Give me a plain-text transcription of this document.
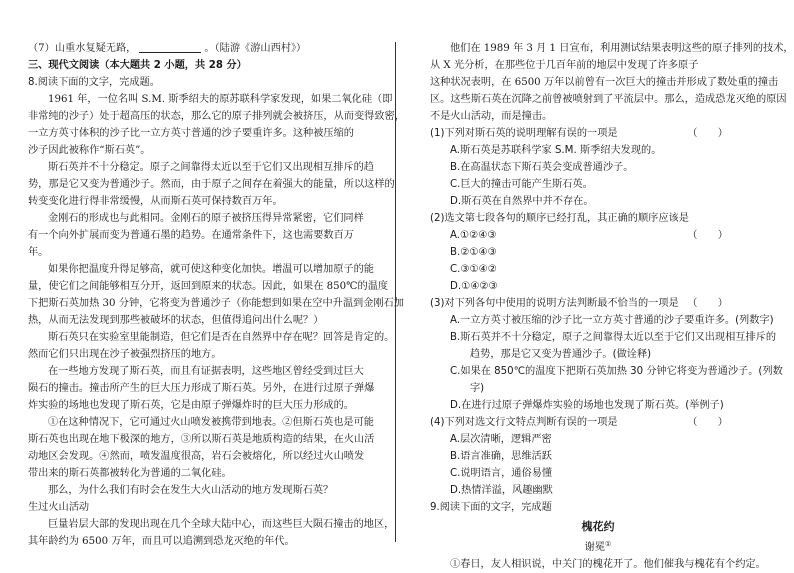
（7）山重水复疑无路，	。（陆游《游山西村》）
三、现代文阅读（本大题共 2 小题，共 28 分）
8.阅读下面的文字，完成题。
1961 年，一位名叫 S.M. 斯季绍夫的原苏联科学家发现，如果二氧化硅（即
非常纯的沙子）处于超高压的状态，那么它的原子排列就会被挤压，从而变得致密，
一立方英寸体积的沙子比一立方英寸普通的沙子要重许多。这种被压缩的
沙子因此被称作“斯石英”。
斯石英并不十分稳定。原子之间靠得太近以至于它们又出现相互排斥的趋
势，那是它又变为普通沙子。然而，由于原子之间存在着强大的能量，所以这样的
转变变化进行得非常缓慢，从而斯石英可保持数百万年。
金刚石的形成也与此相同。金刚石的原子被挤压得异常紧密，它们同样
有一个向外扩展而变为普通石墨的趋势。在通常条件下，这也需要数百万
年。
如果你把温度升得足够高，就可使这种变化加快。增温可以增加原子的能
量，使它们之间能够相互分开，返回到原来的状态。因此，如果在 850℃的温度
下把斯石英加热 30 分钟，它将变为普通沙子（你能想到如果在空中升温到金刚石加
热，从而无法发现到那些被破坏的状态，但值得追问出什么呢？）
斯石英只在实验室里能制造，但它们是否在自然界中存在呢？回答是肯定的。
然而它们只出现在沙子被强烈挤压的地方。
在一些地方发现了斯石英，而且有证据表明，这些地区曾经受到过巨大
陨石的撞击。撞击所产生的巨大压力形成了斯石英。另外，在进行过原子弹爆
炸实验的场地也发现了斯石英，它是由原子弹爆炸时的巨大压力形成的。
①在这种情况下，它可通过火山喷发被携带到地表。②但斯石英也是可能
斯石英也出现在地下极深的地方，③所以斯石英是地质构造的结果，在火山活
动地区会发现。④然而，喷发温度很高，岩石会被熔化，所以经过火山喷发
带出来的斯石英都被转化为普通的二氧化硅。
那么，为什么我们有时会在发生大火山活动的地方发现斯石英？
生过火山活动
巨量岩层大部的发现出现在几个全球大陆中心，而这些巨大陨石撞击的地区，
其年龄约为 6500 万年，而且可以追溯到恐龙灭绝的年代。
他们在 1989 年 3 月 1 日宣布，利用测试结果表明这些的原子排列的技术，
从 X 光分析，在那些位于几百年前的地层中发现了许多原子
这种状况表明，在 6500 万年以前曾有一次巨大的撞击并形成了数处重的撞击
区。这些斯石英在沉降之前曾被喷射到了平流层中。那么，造成恐龙灭绝的原因
不是火山活动，而是撞击。
(1)下列对斯石英的说明理解有误的一项是	（　　）
A.斯石英是苏联科学家 S.M. 斯季绍夫发现的。
B.在高温状态下斯石英会变成普通沙子。
C.巨大的撞击可能产生斯石英。
D.斯石英在自然界中并不存在。
(2)选文第七段各句的顺序已经打乱，其正确的顺序应该是
（　　）
A.①②④③
B.②①④③
C.③①④②
D.①④②③
(3)对下列各句中使用的说明方法判断最不恰当的一项是 （　　）
A.一立方英寸被压缩的沙子比一立方英寸普通的沙子要重许多。(列数字)
B.斯石英并不十分稳定，原子之间靠得太近以至于它们又出现相互排斥的
趋势，那是它又变为普通沙子。(做诠释)
C.如果在 850℃的温度下把斯石英加热 30 分钟它将变为普通沙子。(列数
字)
D.在进行过原子弹爆炸实验的场地也发现了斯石英。(举例子)
(4)下列对选文行文特点判断有误的一项是	（　　）
A.层次清晰，逻辑严密
B.语言准确，思维活跃
C.说明语言，通俗易懂
D.热情洋溢，风趣幽默
9.阅读下面的文字，完成题
槐花约
谢冕①
①春日，友人相识说，中关门的槐花开了。他们催我与槐花有个约定。
